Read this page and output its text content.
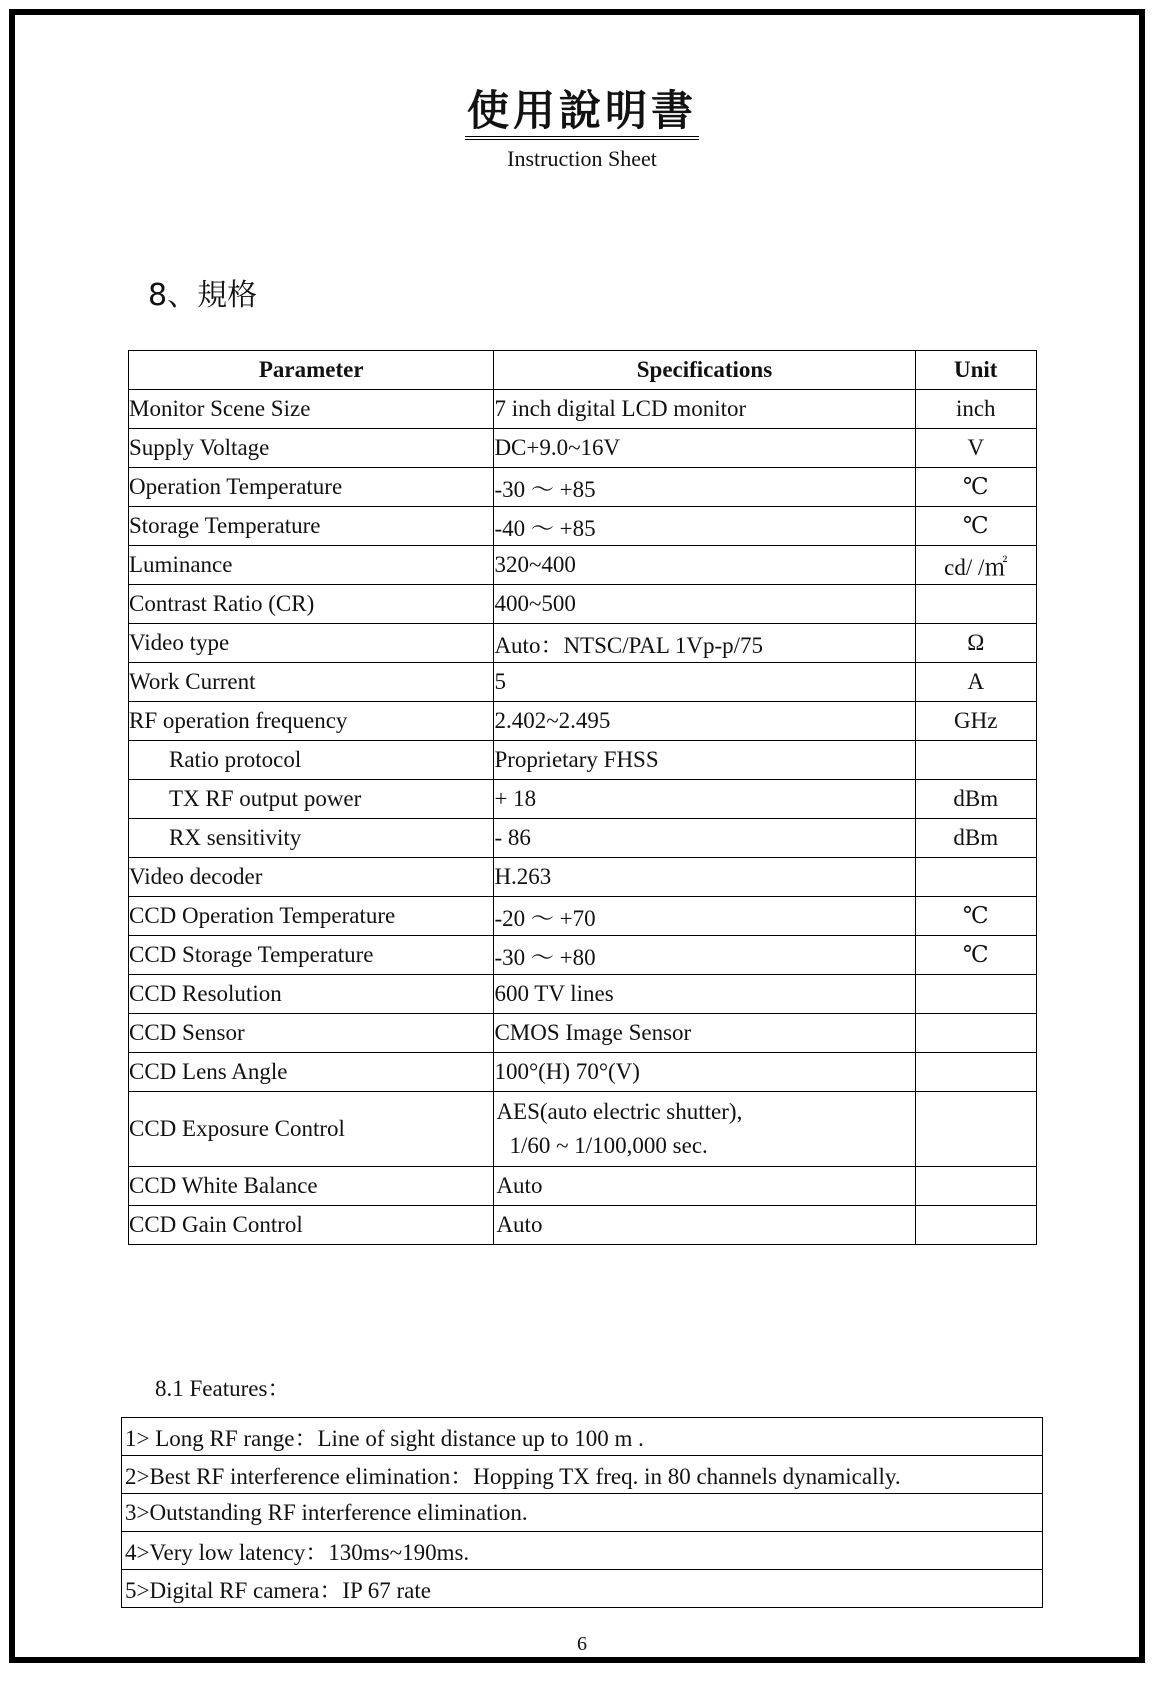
使用說明書
Instruction Sheet
8、規格
Parameter	Specifications	Unit
Monitor Scene Size	7 inch digital LCD monitor	inch
Supply Voltage	DC+9.0~16V	V
Operation Temperature	-30 ～ +85	℃
Storage Temperature	-40 ～ +85	℃
Luminance	320~400	cd/ /㎡
Contrast Ratio (CR)	400~500	
Video type	Auto：NTSC/PAL 1Vp-p/75	Ω
Work Current	5	A
RF operation frequency	2.402~2.495	GHz
Ratio protocol	Proprietary FHSS	
TX RF output power	+ 18	dBm
RX sensitivity	- 86	dBm
Video decoder	H.263	
CCD Operation Temperature	-20 ～ +70	℃
CCD Storage Temperature	-30 ～ +80	℃
CCD Resolution	600 TV lines	
CCD Sensor	CMOS Image Sensor	
CCD Lens Angle	100°(H) 70°(V)	
CCD Exposure Control	AES(auto electric shutter),
1/60 ~ 1/100,000 sec.	

CCD White Balance	Auto	
CCD Gain Control	Auto	
8.1 Features：
1> Long RF range：Line of sight distance up to 100 m .
2>Best RF interference elimination：Hopping TX freq. in 80 channels dynamically.
3>Outstanding RF interference elimination.
4>Very low latency：130ms~190ms.
5>Digital RF camera：IP 67 rate
6
